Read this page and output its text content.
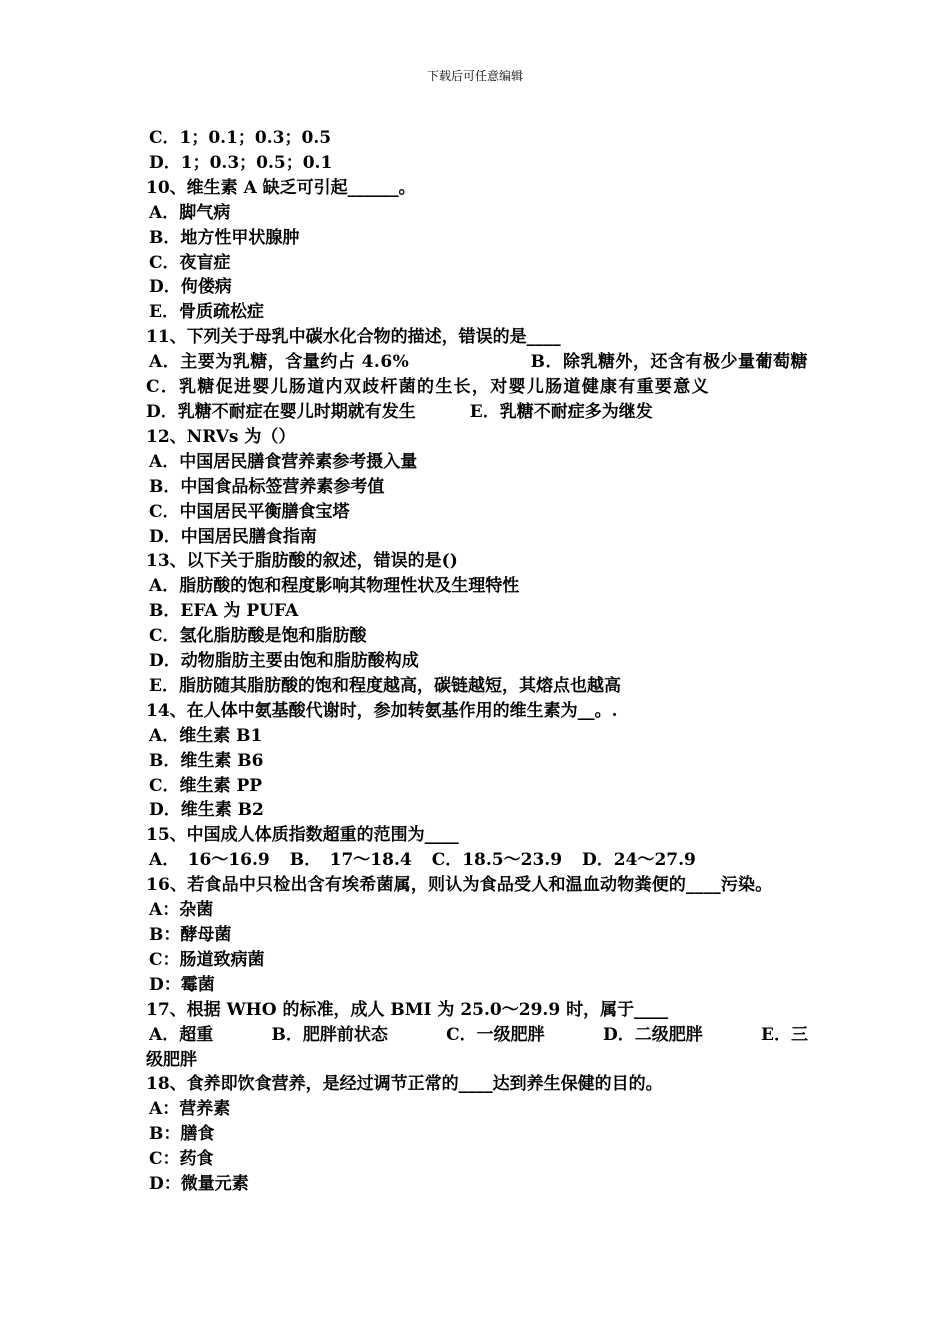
下载后可任意编辑
C．1；0.1；0.3；0.5
D．1；0.3；0.5；0.1
10、维生素 A 缺乏可引起______。
A．脚气病
B．地方性甲状腺肿
C．夜盲症
D．佝偻病
E．骨质疏松症
11、下列关于母乳中碳水化合物的描述，错误的是____
A．主要为乳糖，含量约占 4.6%	B．除乳糖外，还含有极少量葡萄糖
C．乳糖促进婴儿肠道内双歧杆菌的生长，对婴儿肠道健康有重要意义
D．乳糖不耐症在婴儿时期就有发生	E．乳糖不耐症多为继发
12、NRVs 为（）
A．中国居民膳食营养素参考摄入量
B．中国食品标签营养素参考值
C．中国居民平衡膳食宝塔
D．中国居民膳食指南
13、以下关于脂肪酸的叙述，错误的是()
A．脂肪酸的饱和程度影响其物理性状及生理特性
B．EFA 为 PUFA
C．氢化脂肪酸是饱和脂肪酸
D．动物脂肪主要由饱和脂肪酸构成
E．脂肪随其脂肪酸的饱和程度越高，碳链越短，其熔点也越高
14、在人体中氨基酸代谢时，参加转氨基作用的维生素为__。.
A．维生素 B1
B．维生素 B6
C．维生素 PP
D．维生素 B2
15、中国成人体质指数超重的范围为____
A．　16～16.9 B．　17～18.4 C．18.5～23.9 D．24～27.9
16、若食品中只检出含有埃希菌属，则认为食品受人和温血动物粪便的____污染。
A：杂菌
B：酵母菌
C：肠道致病菌
D：霉菌
17、根据 WHO 的标准，成人 BMI 为 25.0～29.9 时，属于____
A．超重	B．肥胖前状态	C．一级肥胖	D．二级肥胖	E．三
级肥胖
18、食养即饮食营养，是经过调节正常的____达到养生保健的目的。
A：营养素
B：膳食
C：药食
D：微量元素
